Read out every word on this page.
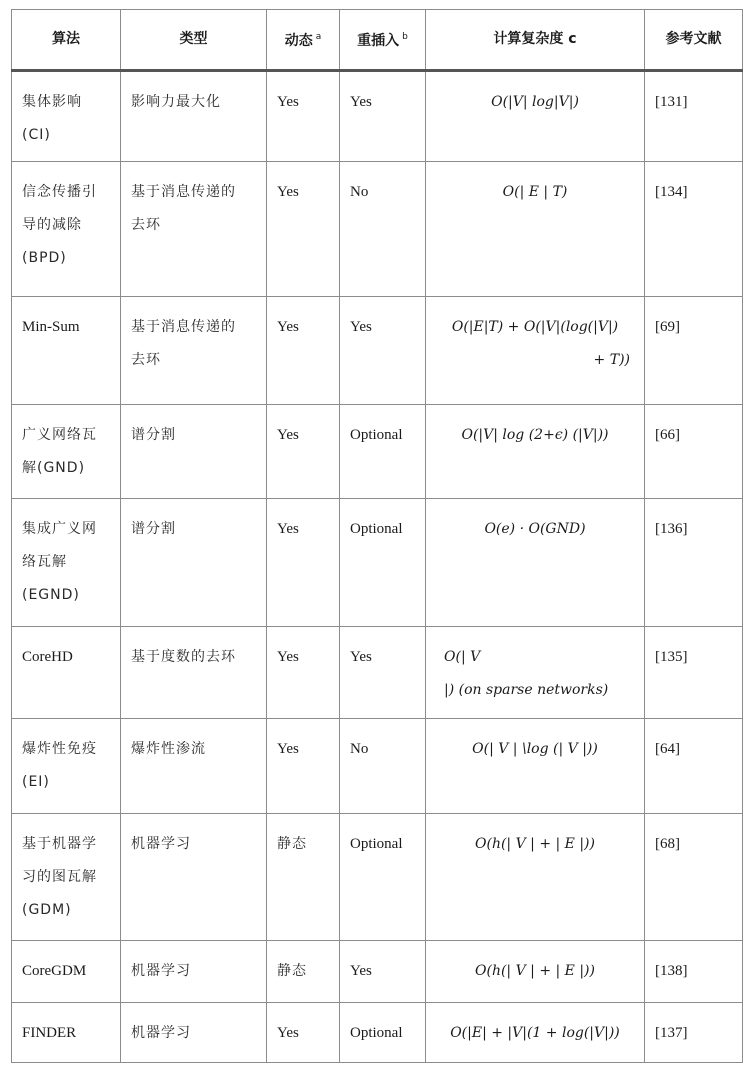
算法	类型	动态 $^a$	重插入 $^b$	计算复杂度 c	参考文献

集体影响
(CI)	影响力最大化	Yes	Yes	O(|V| log|V|)	[131]

信念传播引
导的减除
(BPD)	基于消息传递的
去环	Yes	No	O(| E | T)	[134]

Min-Sum	基于消息传递的
去环	Yes	Yes	O(|E|T) + O(|V|(log(|V|)
+ T))	[69]

广义网络瓦
解(GND)	谱分割	Yes	Optional	O(|V| log (2+ϵ) (|V|))	[66]

集成广义网
络瓦解
(EGND)	谱分割	Yes	Optional	O(e) · O(GND)	[136]

CoreHD	基于度数的去环	Yes	Yes	O(| V
|) (on sparse networks)	[135]

爆炸性免疫
(EI)	爆炸性渗流	Yes	No	O(| V | \log (| V |))	[64]

基于机器学
习的图瓦解
(GDM)	机器学习	静态	Optional	O(h(| V | + | E |))	[68]

CoreGDM	机器学习	静态	Yes	O(h(| V | + | E |))	[138]

FINDER	机器学习	Yes	Optional	O(|E| + |V|(1 + log(|V|))	[137]
